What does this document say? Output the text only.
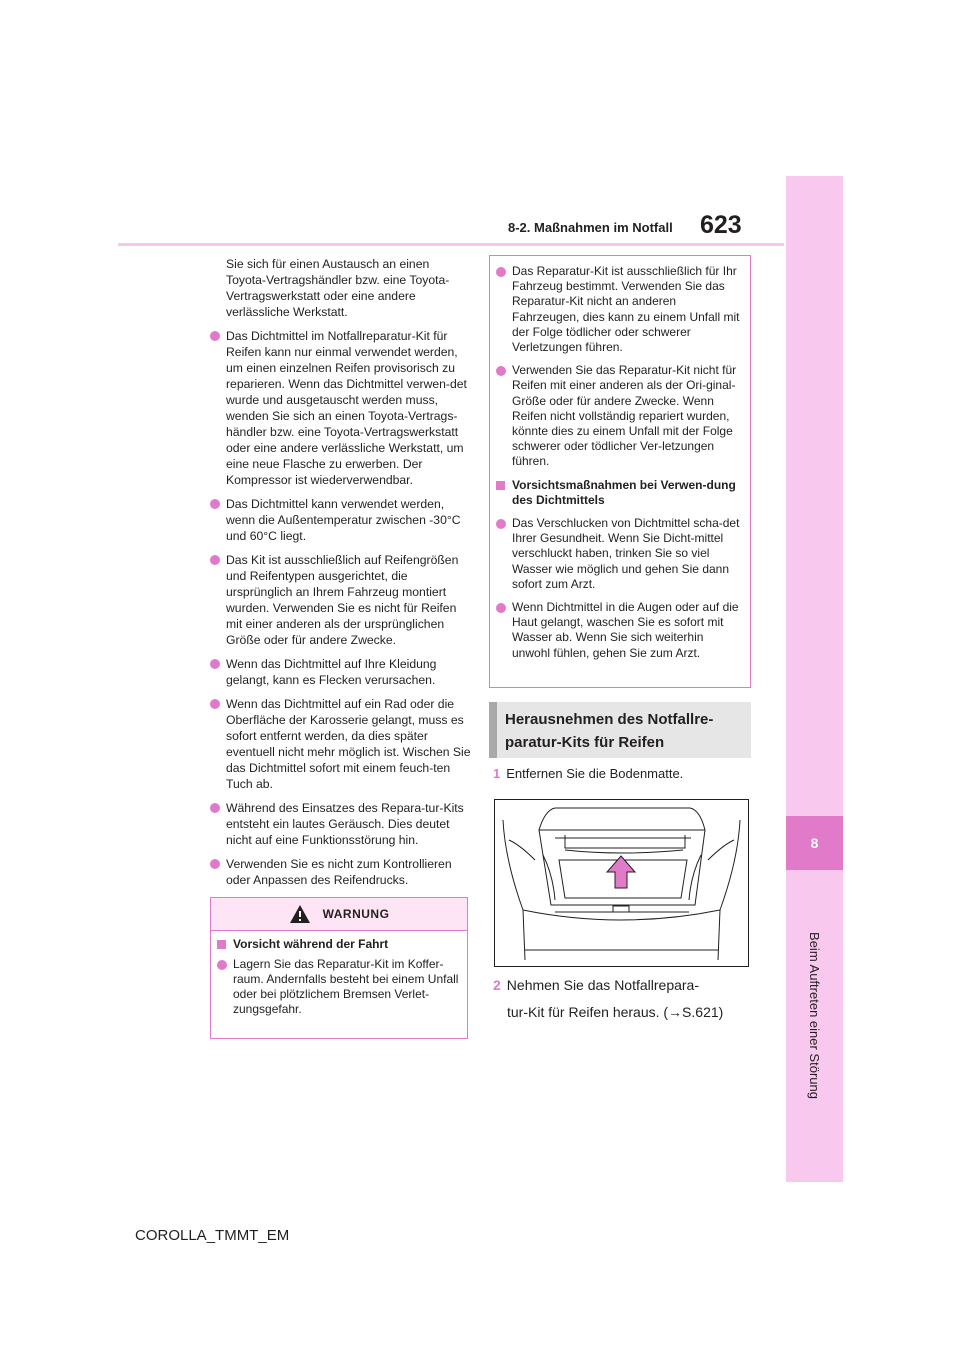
8-2. Maßnahmen im Notfall 623
8
Beim Auftreten einer Störung
Sie sich für einen Austausch an einen Toyota-Vertragshändler bzw. eine Toyota-Vertragswerkstatt oder eine andere verlässliche Werkstatt.
Das Dichtmittel im Notfallreparatur-Kit für Reifen kann nur einmal verwendet werden, um einen einzelnen Reifen provisorisch zu reparieren. Wenn das Dichtmittel verwen-det wurde und ausgetauscht werden muss, wenden Sie sich an einen Toyota-Vertrags-händler bzw. eine Toyota-Vertragswerkstatt oder eine andere verlässliche Werkstatt, um eine neue Flasche zu erwerben. Der Kompressor ist wiederverwendbar.
Das Dichtmittel kann verwendet werden, wenn die Außentemperatur zwischen -30°C und 60°C liegt.
Das Kit ist ausschließlich auf Reifengrößen und Reifentypen ausgerichtet, die ursprünglich an Ihrem Fahrzeug montiert wurden. Verwenden Sie es nicht für Reifen mit einer anderen als der ursprünglichen Größe oder für andere Zwecke.
Wenn das Dichtmittel auf Ihre Kleidung gelangt, kann es Flecken verursachen.
Wenn das Dichtmittel auf ein Rad oder die Oberfläche der Karosserie gelangt, muss es sofort entfernt werden, da dies später eventuell nicht mehr möglich ist. Wischen Sie das Dichtmittel sofort mit einem feuch-ten Tuch ab.
Während des Einsatzes des Repara-tur-Kits entsteht ein lautes Geräusch. Dies deutet nicht auf eine Funktionsstörung hin.
Verwenden Sie es nicht zum Kontrollieren oder Anpassen des Reifendrucks.
WARNUNG
Vorsicht während der Fahrt
Lagern Sie das Reparatur-Kit im Koffer-raum. Andernfalls besteht bei einem Unfall oder bei plötzlichem Bremsen Verlet-zungsgefahr.
Das Reparatur-Kit ist ausschließlich für Ihr Fahrzeug bestimmt. Verwenden Sie das Reparatur-Kit nicht an anderen Fahrzeugen, dies kann zu einem Unfall mit der Folge tödlicher oder schwerer Verletzungen führen.
Verwenden Sie das Reparatur-Kit nicht für Reifen mit einer anderen als der Ori-ginal-Größe oder für andere Zwecke. Wenn Reifen nicht vollständig repariert wurden, könnte dies zu einem Unfall mit der Folge schwerer oder tödlicher Ver-letzungen führen.
Vorsichtsmaßnahmen bei Verwen-dung des Dichtmittels
Das Verschlucken von Dichtmittel scha-det Ihrer Gesundheit. Wenn Sie Dicht-mittel verschluckt haben, trinken Sie so viel Wasser wie möglich und gehen Sie dann sofort zum Arzt.
Wenn Dichtmittel in die Augen oder auf die Haut gelangt, waschen Sie es sofort mit Wasser ab. Wenn Sie sich weiterhin unwohl fühlen, gehen Sie zum Arzt.
Herausnehmen des Notfallre-
paratur-Kits für Reifen
1 Entfernen Sie die Bodenmatte.
2 Nehmen Sie das Notfallrepara-
tur-Kit für Reifen heraus. (→S.621)
COROLLA_TMMT_EM
